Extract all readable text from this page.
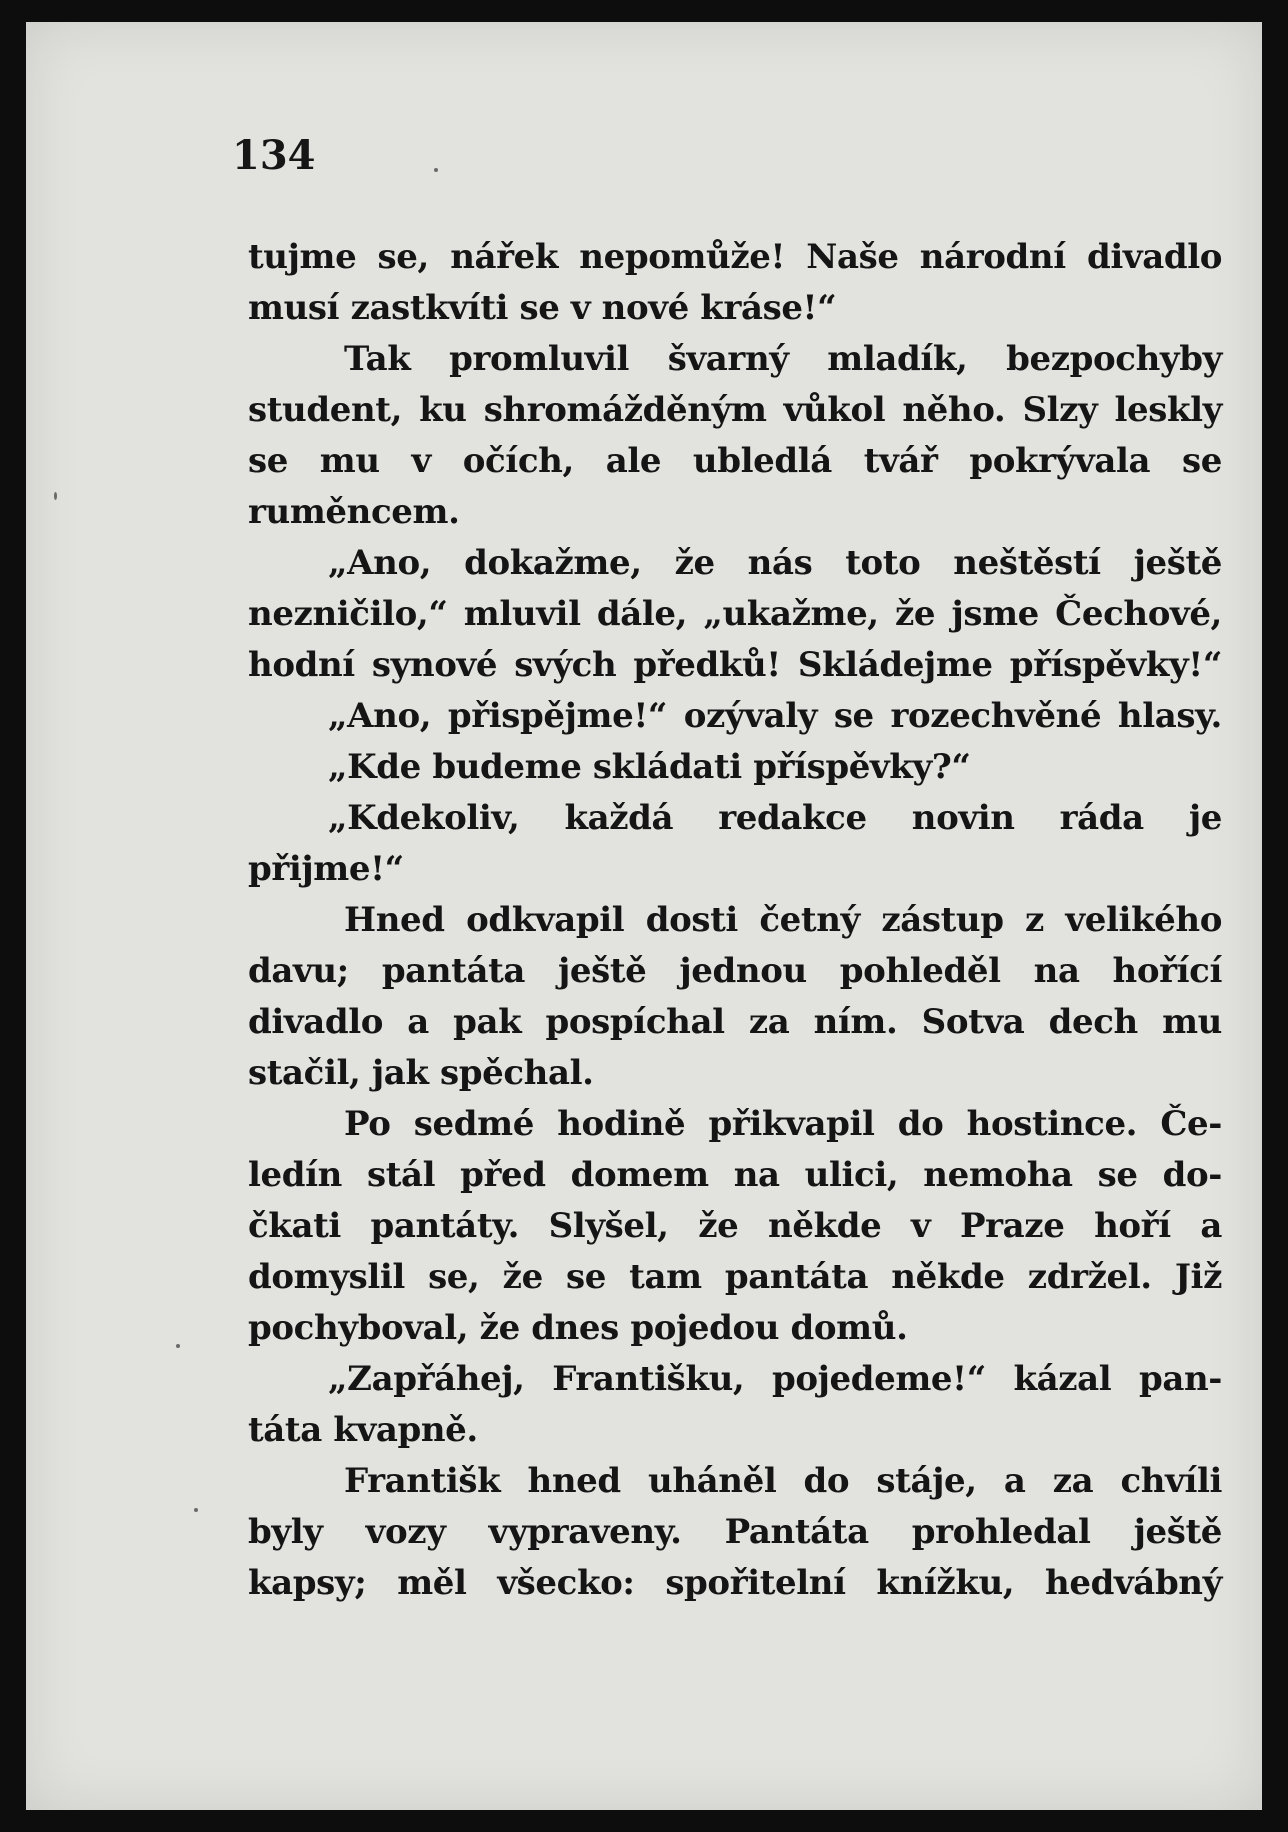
134
tujme se, nářek nepomůže! Naše národní divadlo
musí zastkvíti se v nové kráse!“
Tak promluvil švarný mladík, bezpochyby
student, ku shromážděným vůkol něho. Slzy leskly
se mu v očích, ale ubledlá tvář pokrývala se
ruměncem.
„Ano, dokažme, že nás toto neštěstí ještě
nezničilo,“ mluvil dále, „ukažme, že jsme Čechové,
hodní synové svých předků! Skládejme příspěvky!“
„Ano, přispějme!“ ozývaly se rozechvěné hlasy.
„Kde budeme skládati příspěvky?“
„Kdekoliv, každá redakce novin ráda je
přijme!“
Hned odkvapil dosti četný zástup z velikého
davu; pantáta ještě jednou pohleděl na hořící
divadlo a pak pospíchal za ním. Sotva dech mu
stačil, jak spěchal.
Po sedmé hodině přikvapil do hostince. Če-
ledín stál před domem na ulici, nemoha se do-
čkati pantáty. Slyšel, že někde v Praze hoří a
domyslil se, že se tam pantáta někde zdržel. Již
pochyboval, že dnes pojedou domů.
„Zapřáhej, Františku, pojedeme!“ kázal pan-
táta kvapně.
Františk hned uháněl do stáje, a za chvíli
byly vozy vypraveny. Pantáta prohledal ještě
kapsy; měl všecko: spořitelní knížku, hedvábný
